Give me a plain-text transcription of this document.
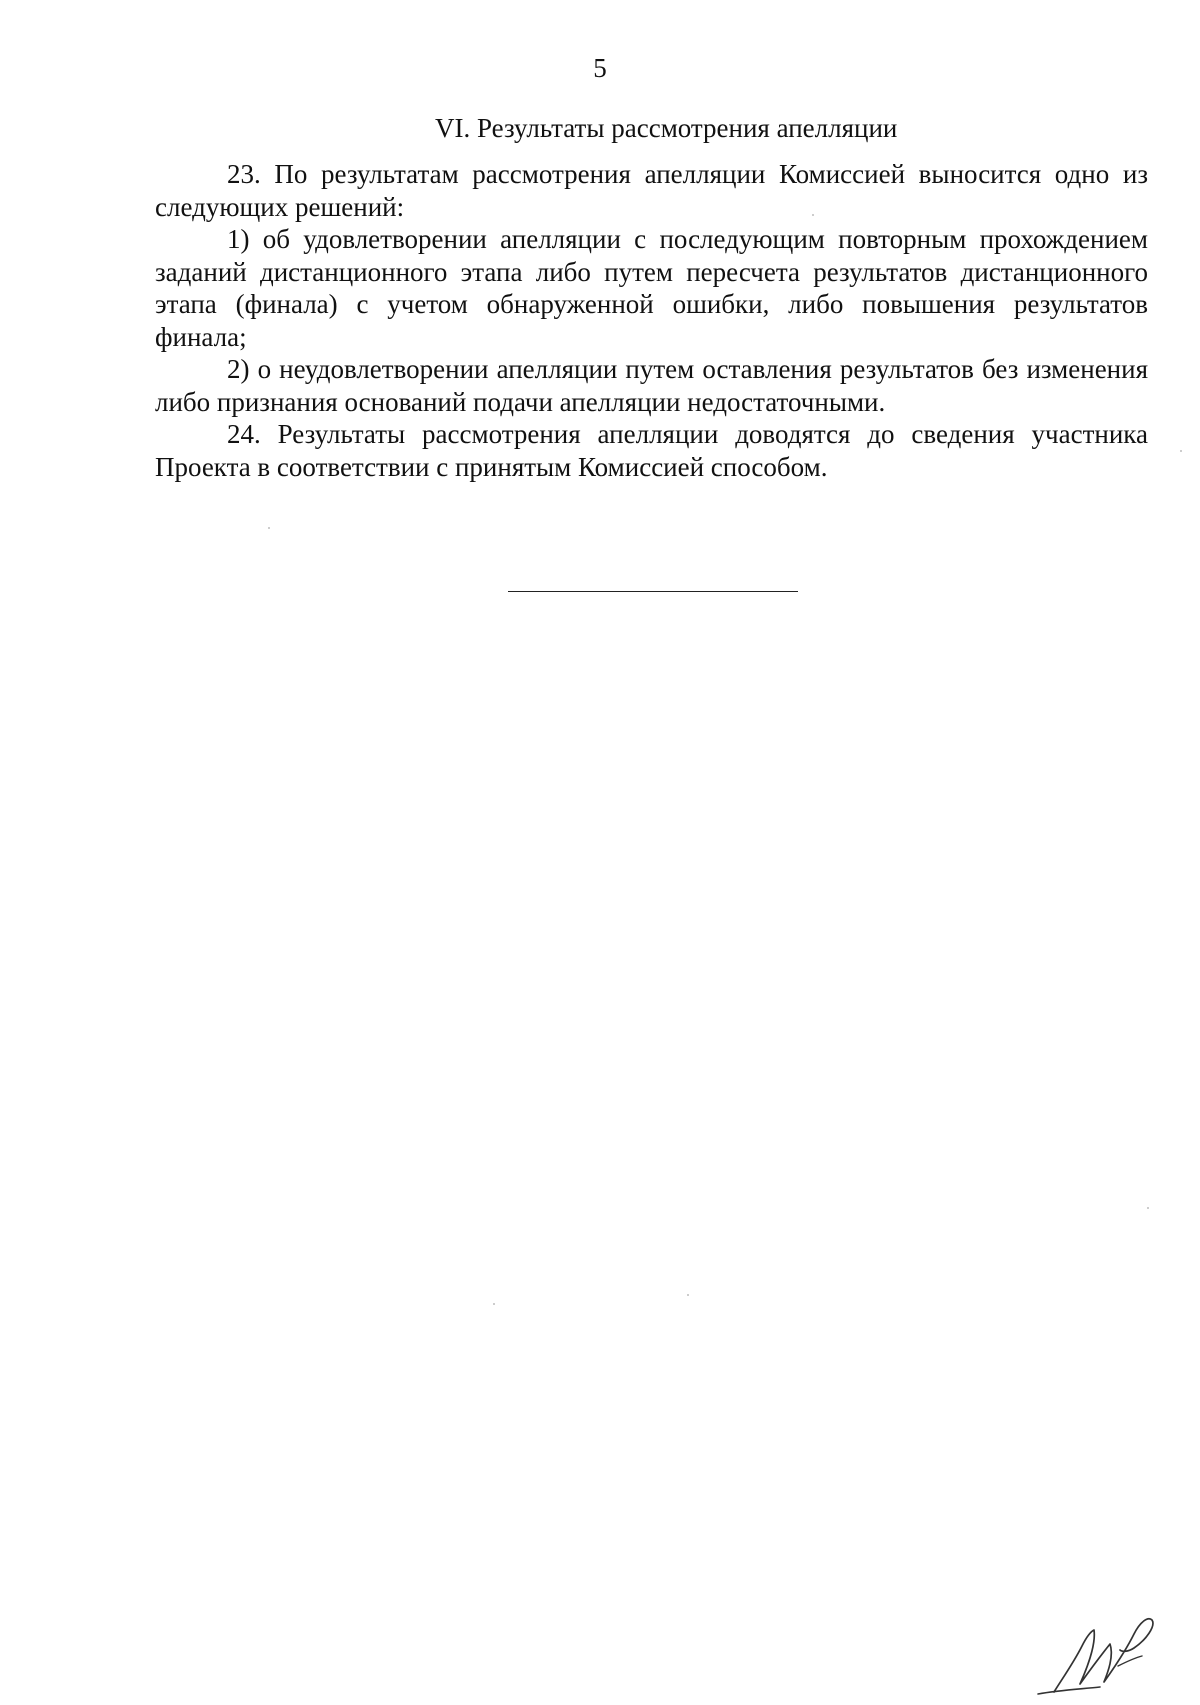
5
VI. Результаты рассмотрения апелляции

23. По результатам рассмотрения апелляции Комиссией выносится одно из следующих решений:

1) об удовлетворении апелляции с последующим повторным прохождением заданий дистанционного этапа либо путем пересчета результатов дистанционного этапа (финала) с учетом обнаруженной ошибки, либо повышения результатов финала;

2) о неудовлетворении апелляции путем оставления результатов без изменения либо признания оснований подачи апелляции недостаточными.

24. Результаты рассмотрения апелляции доводятся до сведения участника Проекта в соответствии с принятым Комиссией способом.
